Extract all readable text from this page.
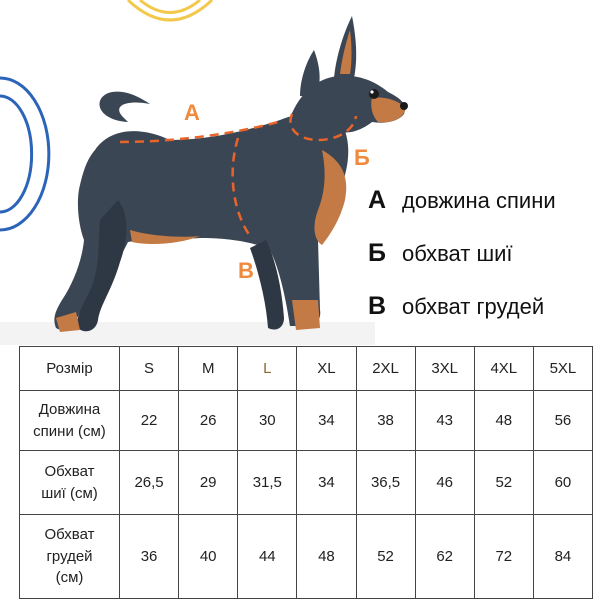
А
Б
В
А довжина спини
Б обхват шиї
В обхват грудей
Розмір	S	M	L	XL	2XL	3XL	4XL	5XL
Довжина
спини (см)	22	26	30	34	38	43	48	56
Обхват
шиї (см)	26,5	29	31,5	34	36,5	46	52	60
Обхват
грудей
(см)	36	40	44	48	52	62	72	84
